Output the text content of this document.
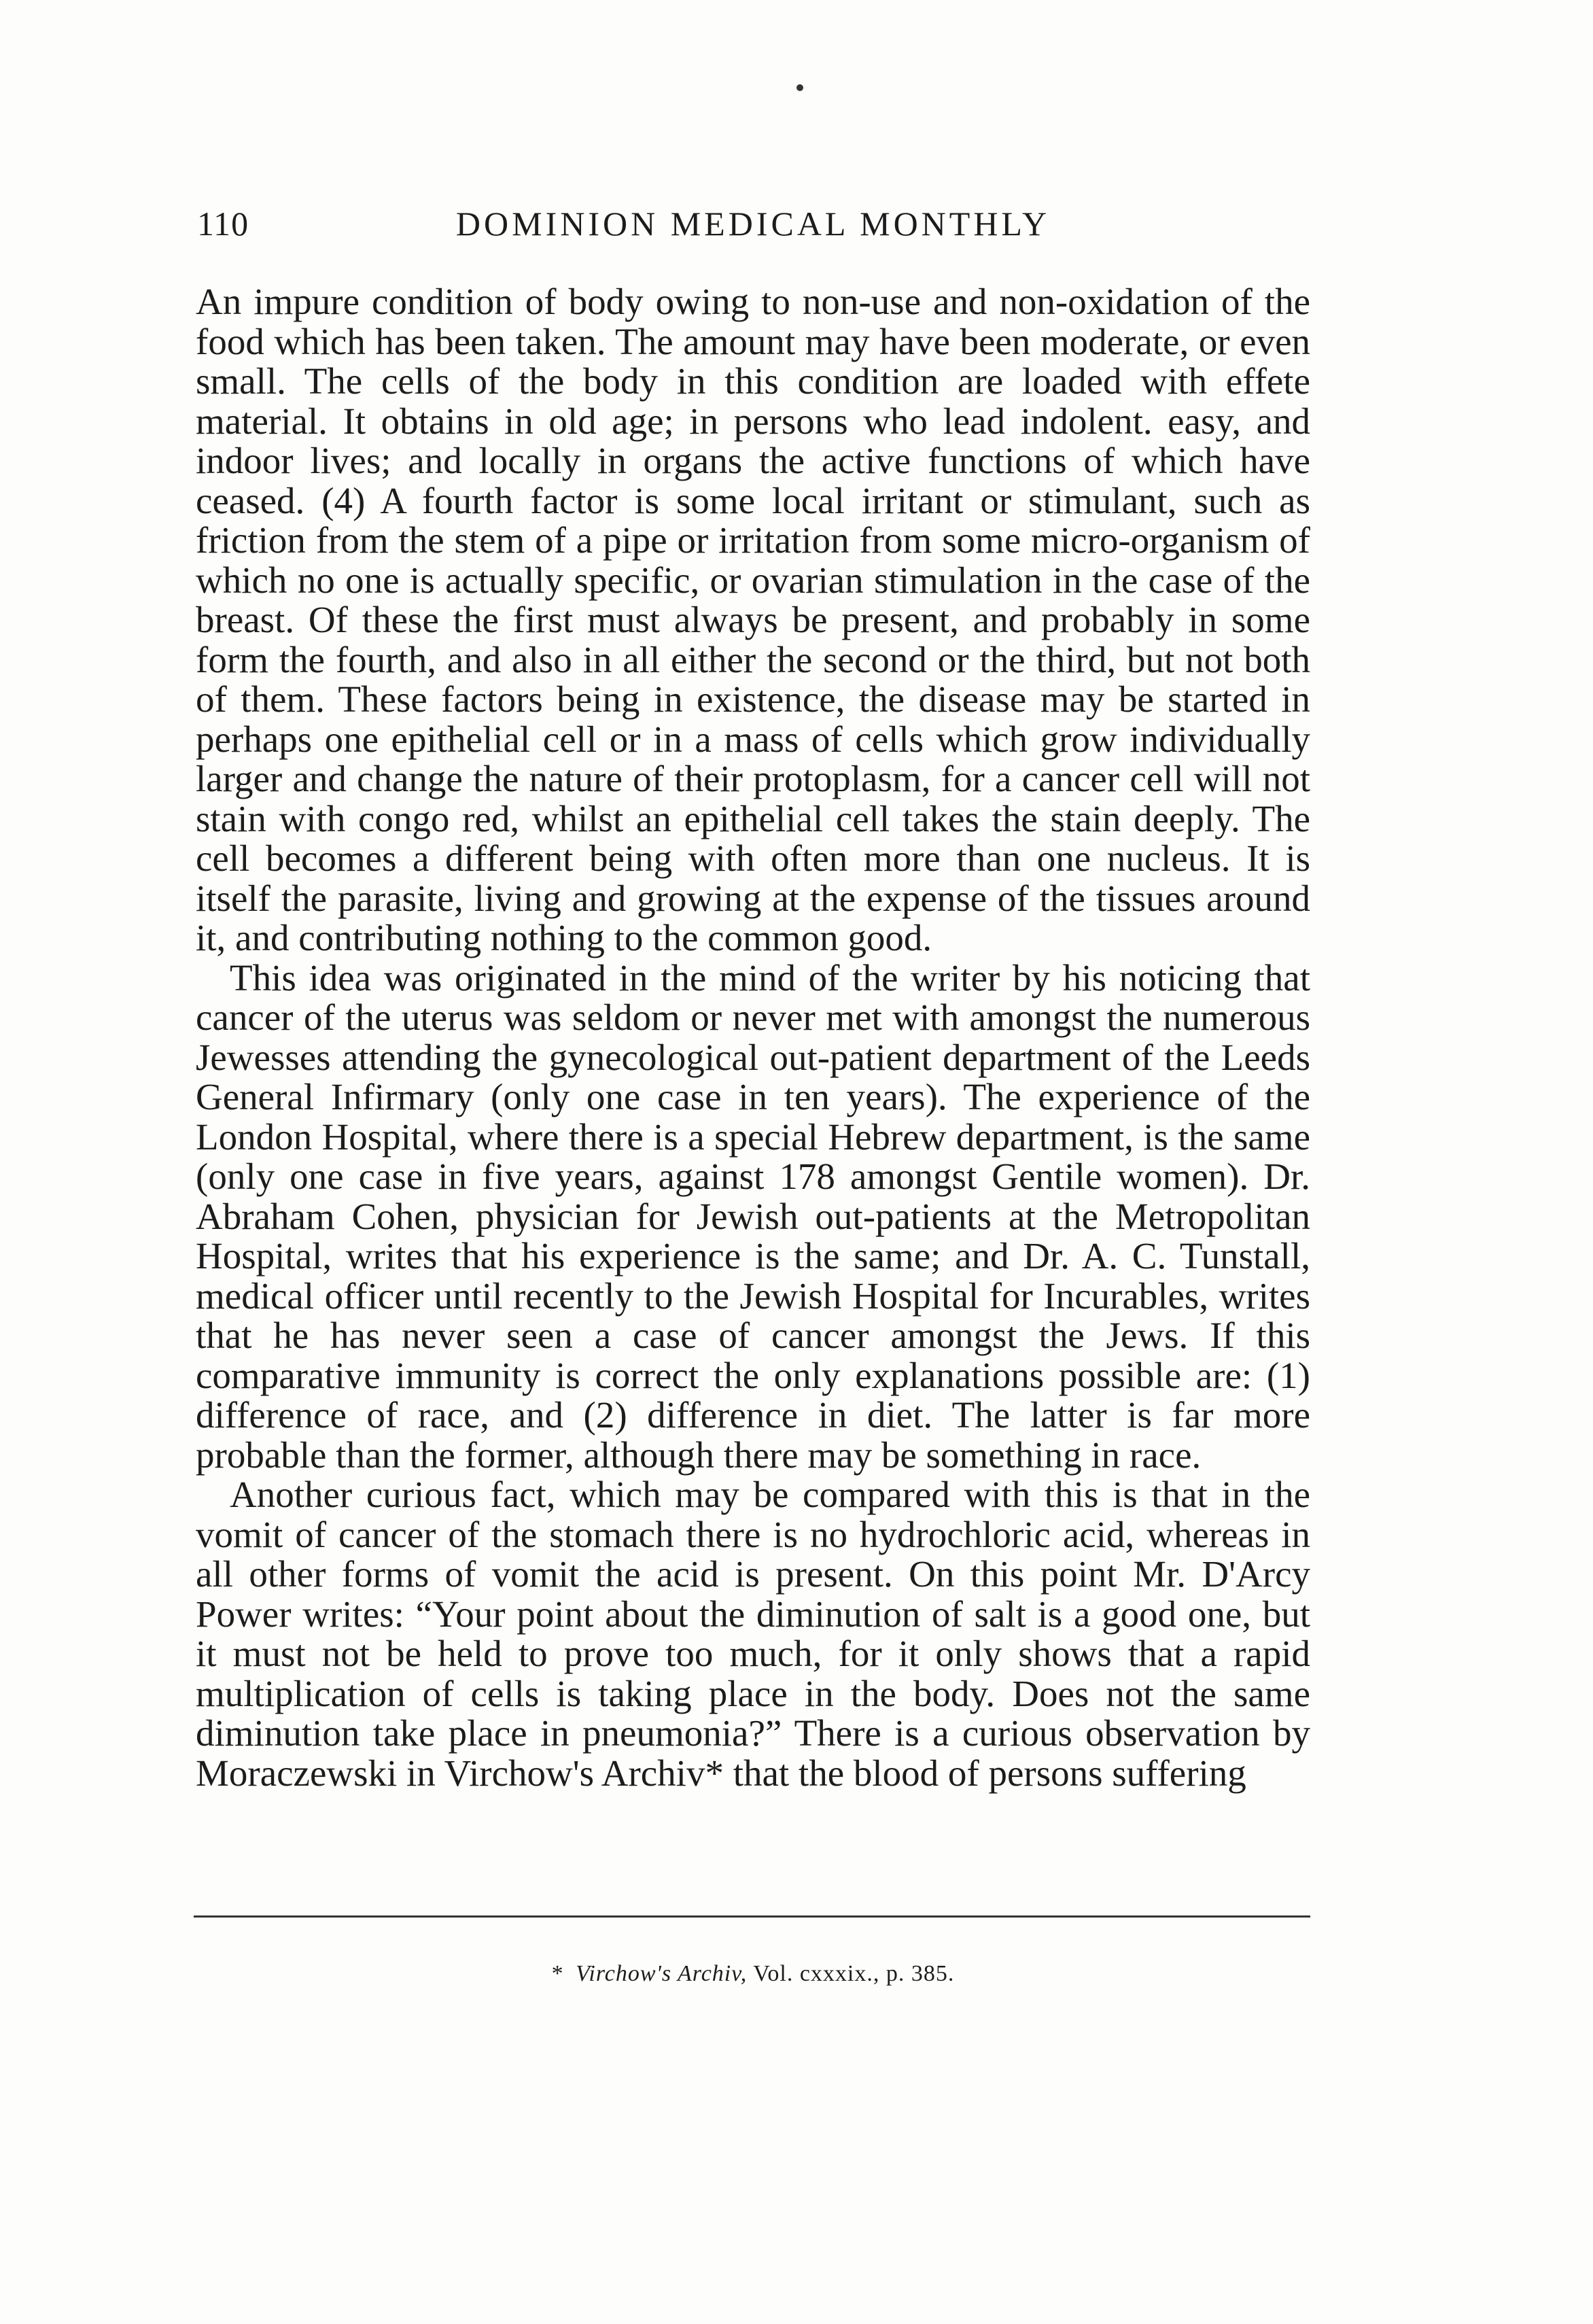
110	DOMINION MEDICAL MONTHLY

An impure condition of body owing to non-use and non-oxidation of the food which has been taken. The amount may have been moderate, or even small. The cells of the body in this condition are loaded with effete material. It obtains in old age; in persons who lead indolent. easy, and indoor lives; and locally in organs the active functions of which have ceased. (4) A fourth factor is some local irritant or stimulant, such as friction from the stem of a pipe or irritation from some micro-organism of which no one is actually specific, or ovarian stimulation in the case of the breast. Of these the first must always be present, and probably in some form the fourth, and also in all either the second or the third, but not both of them. These factors being in existence, the disease may be started in perhaps one epithelial cell or in a mass of cells which grow individually larger and change the nature of their protoplasm, for a cancer cell will not stain with congo red, whilst an epithelial cell takes the stain deeply. The cell becomes a different being with often more than one nucleus. It is itself the parasite, living and growing at the expense of the tissues around it, and contributing nothing to the common good.

This idea was originated in the mind of the writer by his noticing that cancer of the uterus was seldom or never met with amongst the numerous Jewesses attending the gynecological out-patient department of the Leeds General Infirmary (only one case in ten years). The experience of the London Hospital, where there is a special Hebrew department, is the same (only one case in five years, against 178 amongst Gentile women). Dr. Abraham Cohen, physician for Jewish out-patients at the Metropolitan Hospital, writes that his experience is the same; and Dr. A. C. Tunstall, medical officer until recently to the Jewish Hospital for Incurables, writes that he has never seen a case of cancer amongst the Jews. If this comparative immunity is correct the only explanations possible are: (1) difference of race, and (2) difference in diet. The latter is far more probable than the former, although there may be something in race.

Another curious fact, which may be compared with this is that in the vomit of cancer of the stomach there is no hydrochloric acid, whereas in all other forms of vomit the acid is present. On this point Mr. D'Arcy Power writes: “Your point about the diminution of salt is a good one, but it must not be held to prove too much, for it only shows that a rapid multiplication of cells is taking place in the body. Does not the same diminution take place in pneumonia?” There is a curious observation by Moraczewski in Virchow's Archiv* that the blood of persons suffering

* Virchow's Archiv, Vol. cxxxix., p. 385.
